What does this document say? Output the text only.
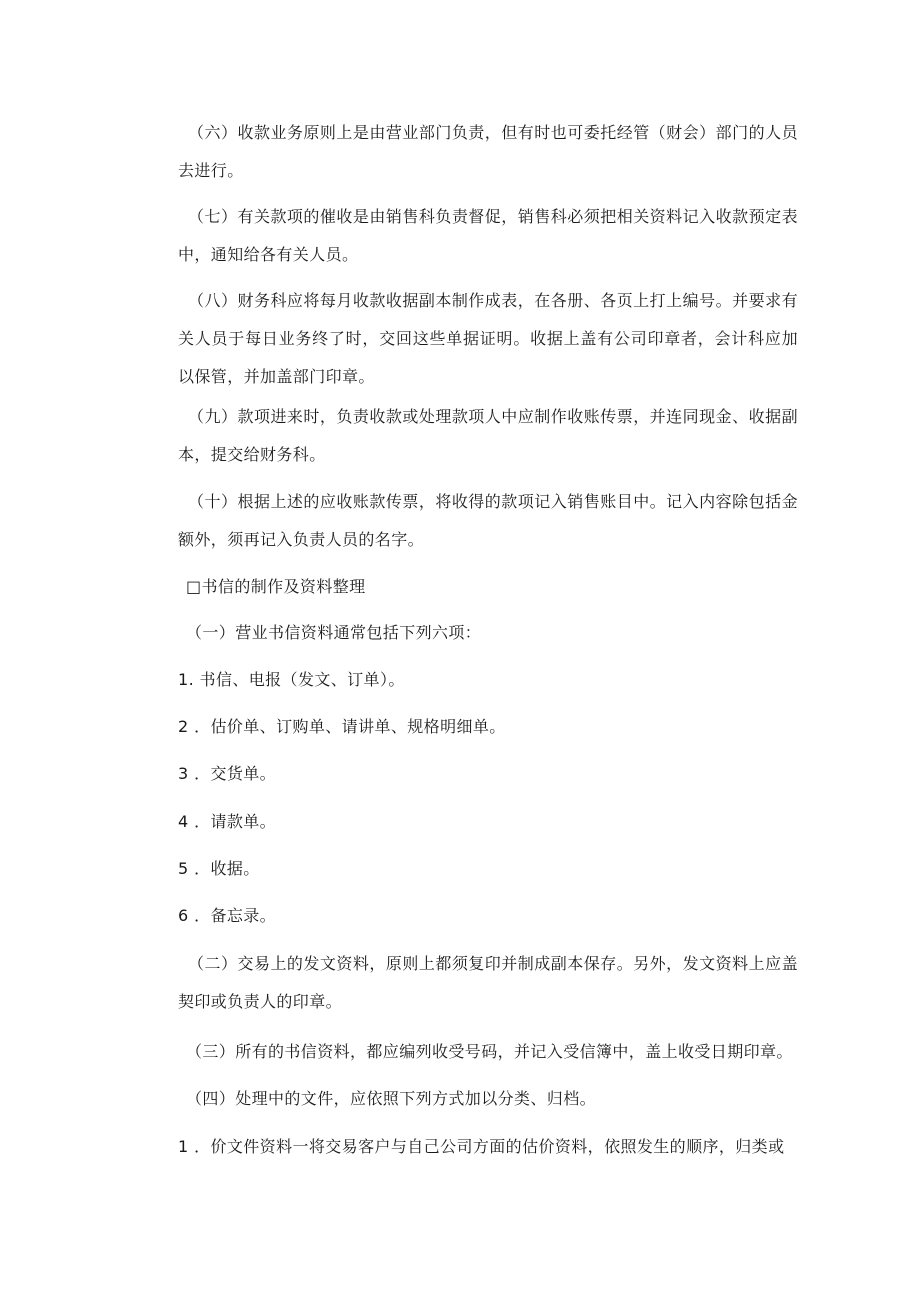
（六）收款业务原则上是由营业部门负责，但有时也可委托经管（财会）部门的人员去进行。

（七）有关款项的催收是由销售科负责督促，销售科必须把相关资料记入收款预定表中，通知给各有关人员。

（八）财务科应将每月收款收据副本制作成表，在各册、各页上打上编号。并要求有关人员于每日业务终了时，交回这些单据证明。收据上盖有公司印章者，会计科应加以保管，并加盖部门印章。

（九）款项进来时，负责收款或处理款项人中应制作收账传票，并连同现金、收据副本，提交给财务科。

（十）根据上述的应收账款传票，将收得的款项记入销售账目中。记入内容除包括金额外，须再记入负责人员的名字。

□书信的制作及资料整理

（一）营业书信资料通常包括下列六项：

1. 书信、电报（发文、订单）。

2 ．估价单、订购单、请讲单、规格明细单。

3 ．交货单。

4 ．请款单。

5 ．收据。

6 ．备忘录。

（二）交易上的发文资料，原则上都须复印并制成副本保存。另外，发文资料上应盖契印或负责人的印章。

（三）所有的书信资料，都应编列收受号码，并记入受信簿中，盖上收受日期印章。

（四）处理中的文件，应依照下列方式加以分类、归档。

1 ．价文件资料一将交易客户与自己公司方面的估价资料，依照发生的顺序，归类或
